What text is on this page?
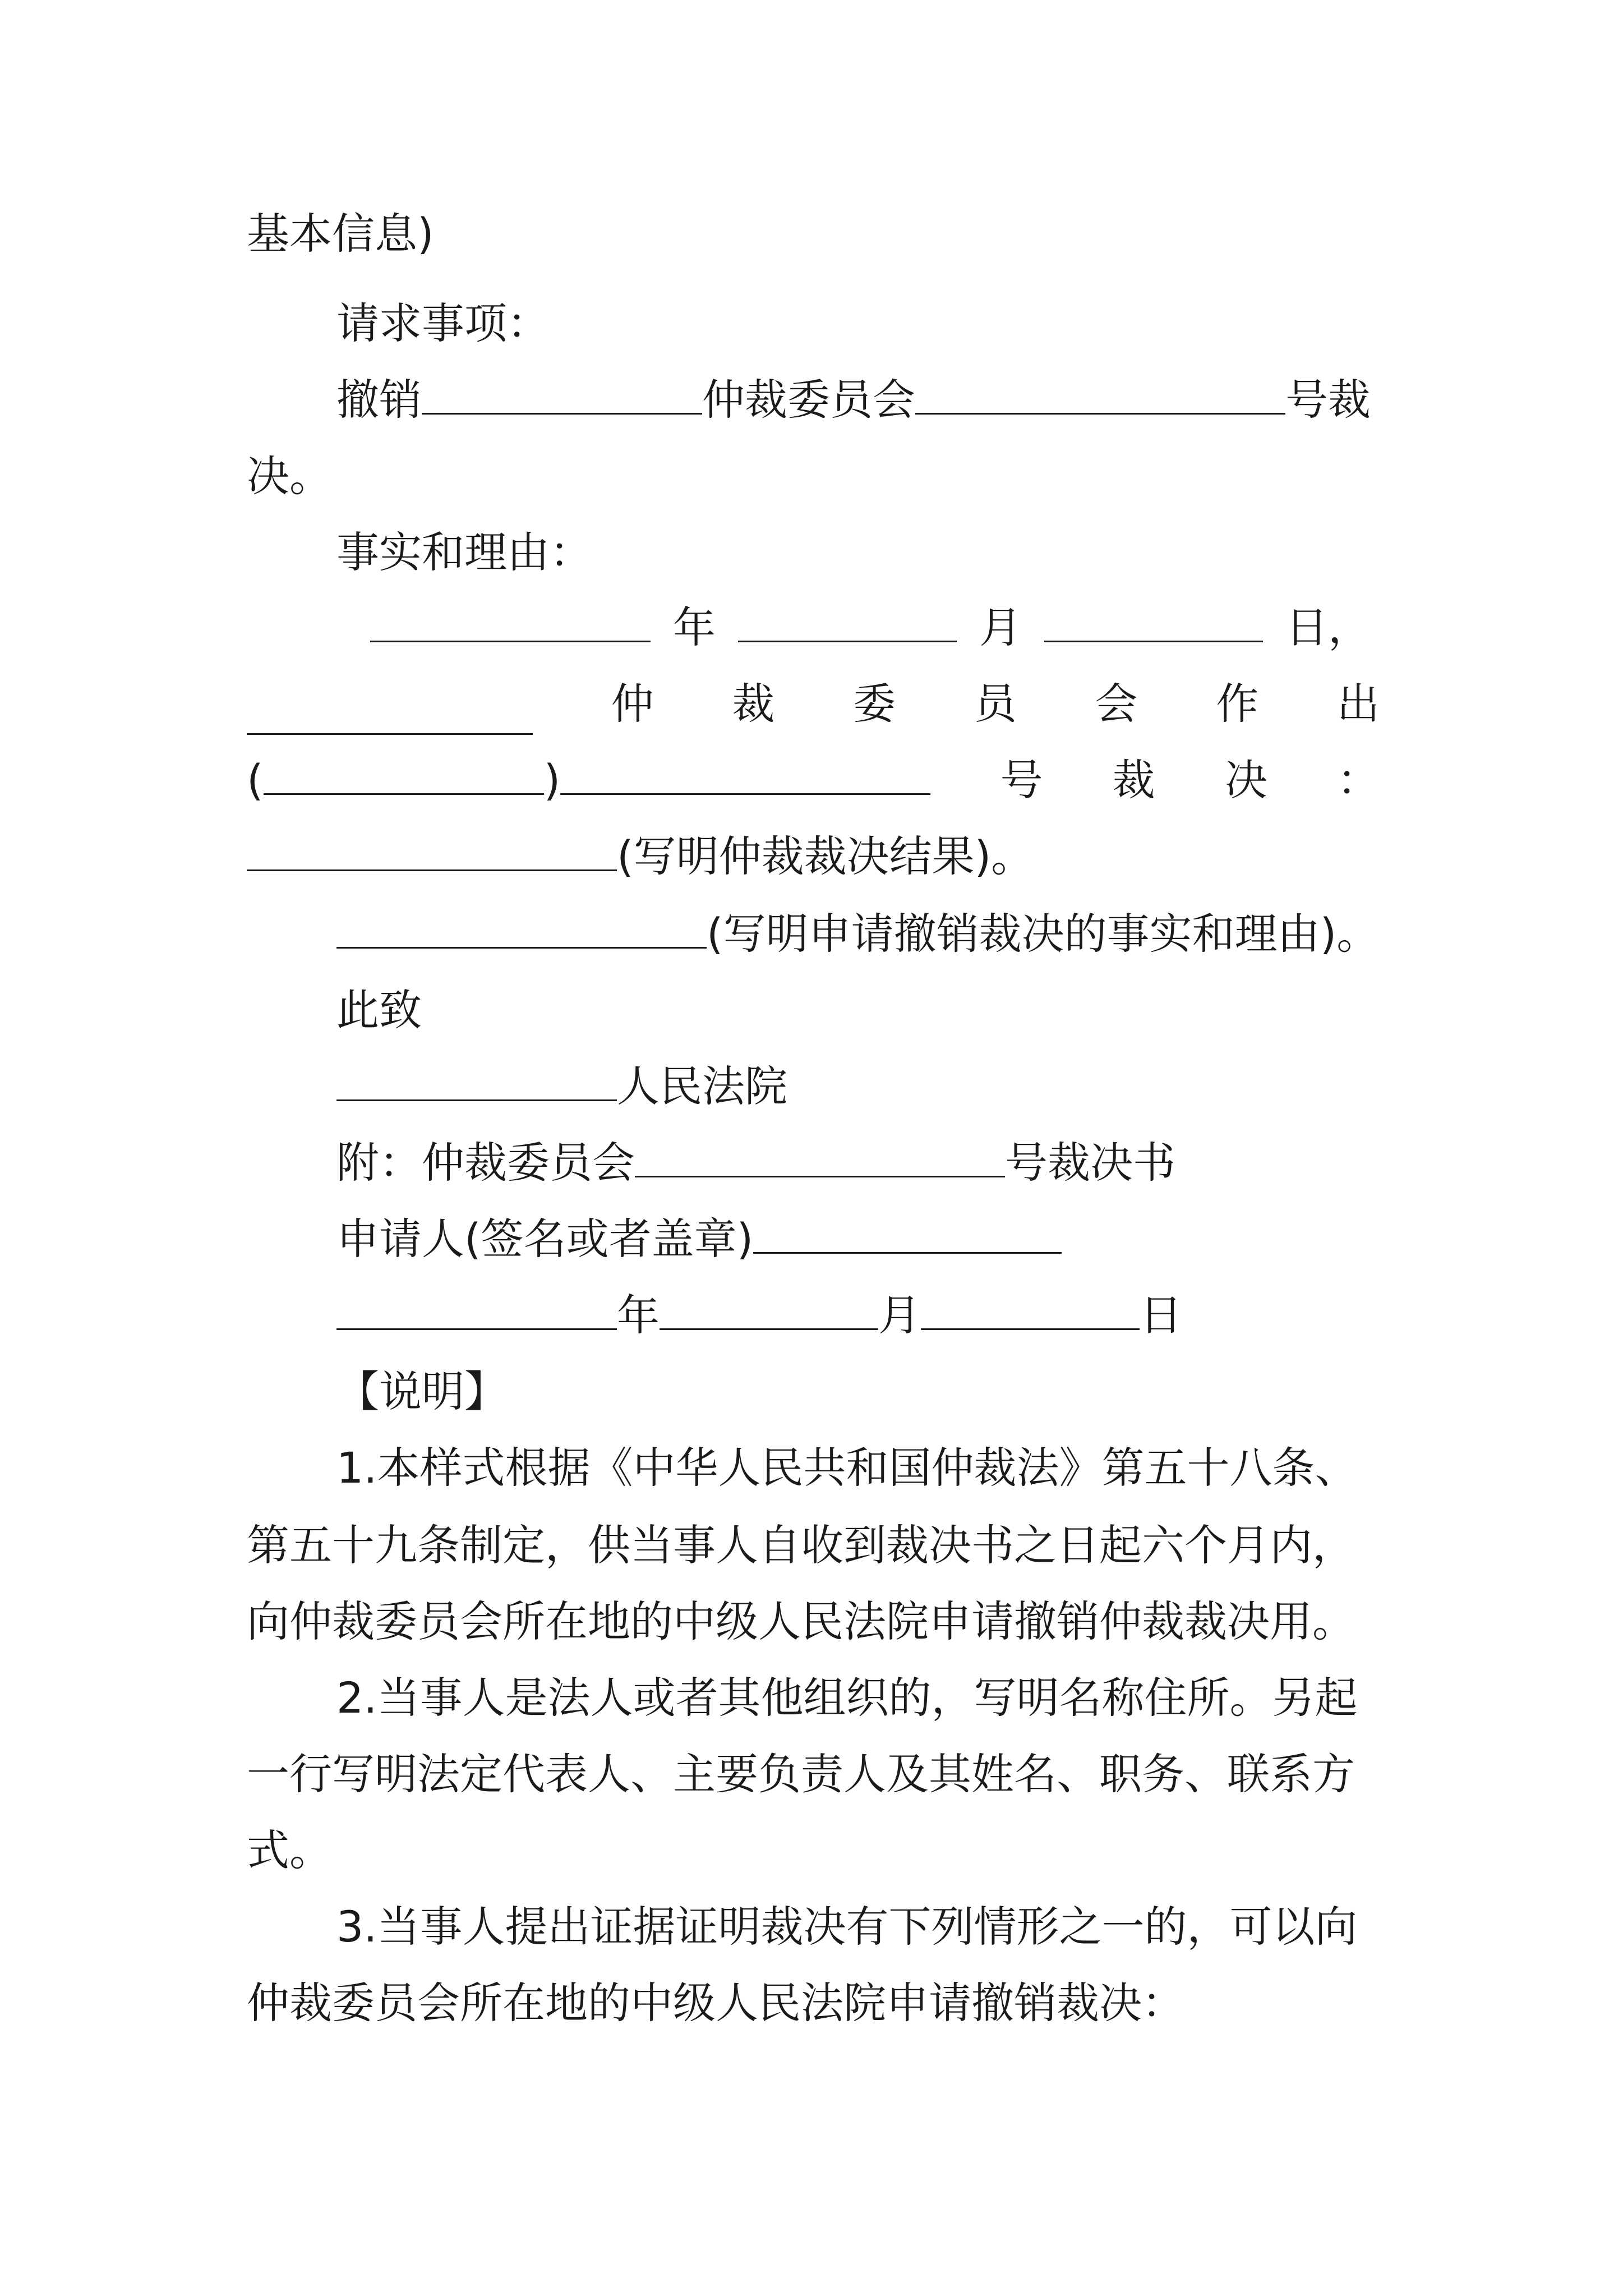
基本信息)
请求事项：
撤销	仲裁委员会	号裁
决。
事实和理由：
年	月	日，
仲 裁 委 员 会 作 出
(	)	号 裁 决 ：
(写明仲裁裁决结果)。
(写明申请撤销裁决的事实和理由)。
此致
人民法院
附：仲裁委员会	号裁决书
申请人(签名或者盖章)
年	月	日
【说明】
1.本样式根据《中华人民共和国仲裁法》第五十八条、
第五十九条制定，供当事人自收到裁决书之日起六个月内，
向仲裁委员会所在地的中级人民法院申请撤销仲裁裁决用。
2.当事人是法人或者其他组织的，写明名称住所。另起
一行写明法定代表人、主要负责人及其姓名、职务、联系方
式。
3.当事人提出证据证明裁决有下列情形之一的，可以向
仲裁委员会所在地的中级人民法院申请撤销裁决：
